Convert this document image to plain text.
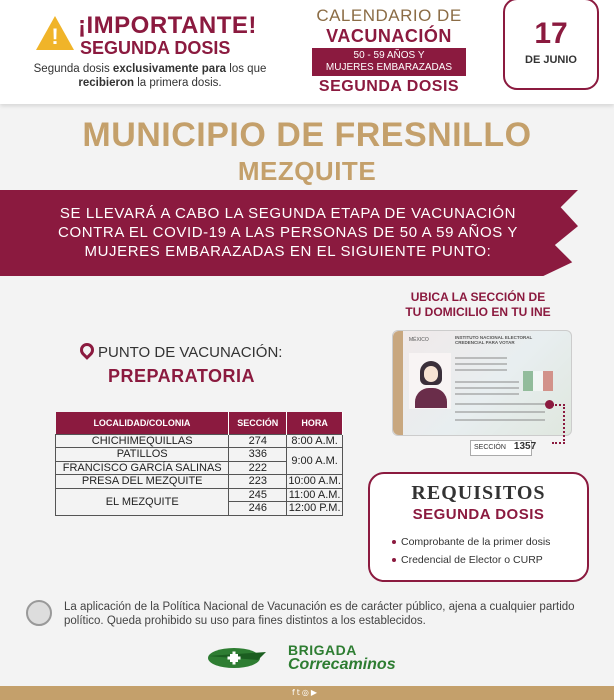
! ¡IMPORTANTE!
SEGUNDA DOSIS
Segunda dosis exclusivamente para los que
recibieron la primera dosis.
CALENDARIO DE
VACUNACIÓN
50 - 59 AÑOS Y
MUJERES EMBARAZADAS
SEGUNDA DOSIS
17
DE JUNIO
MUNICIPIO DE FRESNILLO
MEZQUITE
SE LLEVARÁ A CABO LA SEGUNDA ETAPA DE VACUNACIÓN
CONTRA EL COVID-19 A LAS PERSONAS DE 50 A 59 AÑOS Y
MUJERES EMBARAZADAS EN EL SIGUIENTE PUNTO:
PUNTO DE VACUNACIÓN:
PREPARATORIA
LOCALIDAD/COLONIA	SECCIÓN	HORA
CHICHIMEQUILLAS	274	8:00 A.M.
PATILLOS	336	9:00 A.M.
FRANCISCO GARCÍA SALINAS	222	
PRESA DEL MEZQUITE	223	10:00 A.M.
EL MEZQUITE	245	11:00 A.M.
	246	12:00 P.M.
UBICA LA SECCIÓN DE
TU DOMICILIO EN TU INE
MÉXICO	INSTITUTO NACIONAL ELECTORAL
CREDENCIAL PARA VOTAR
SECCIÓN 1357
REQUISITOS
SEGUNDA DOSIS
Comprobante de la primer dosis
Credencial de Elector o CURP
La aplicación de la Política Nacional de Vacunación es de carácter público, ajena a cualquier partido político. Queda prohibido su uso para fines distintos a los establecidos.
BRIGADA
Correcaminos
ft◎▶
